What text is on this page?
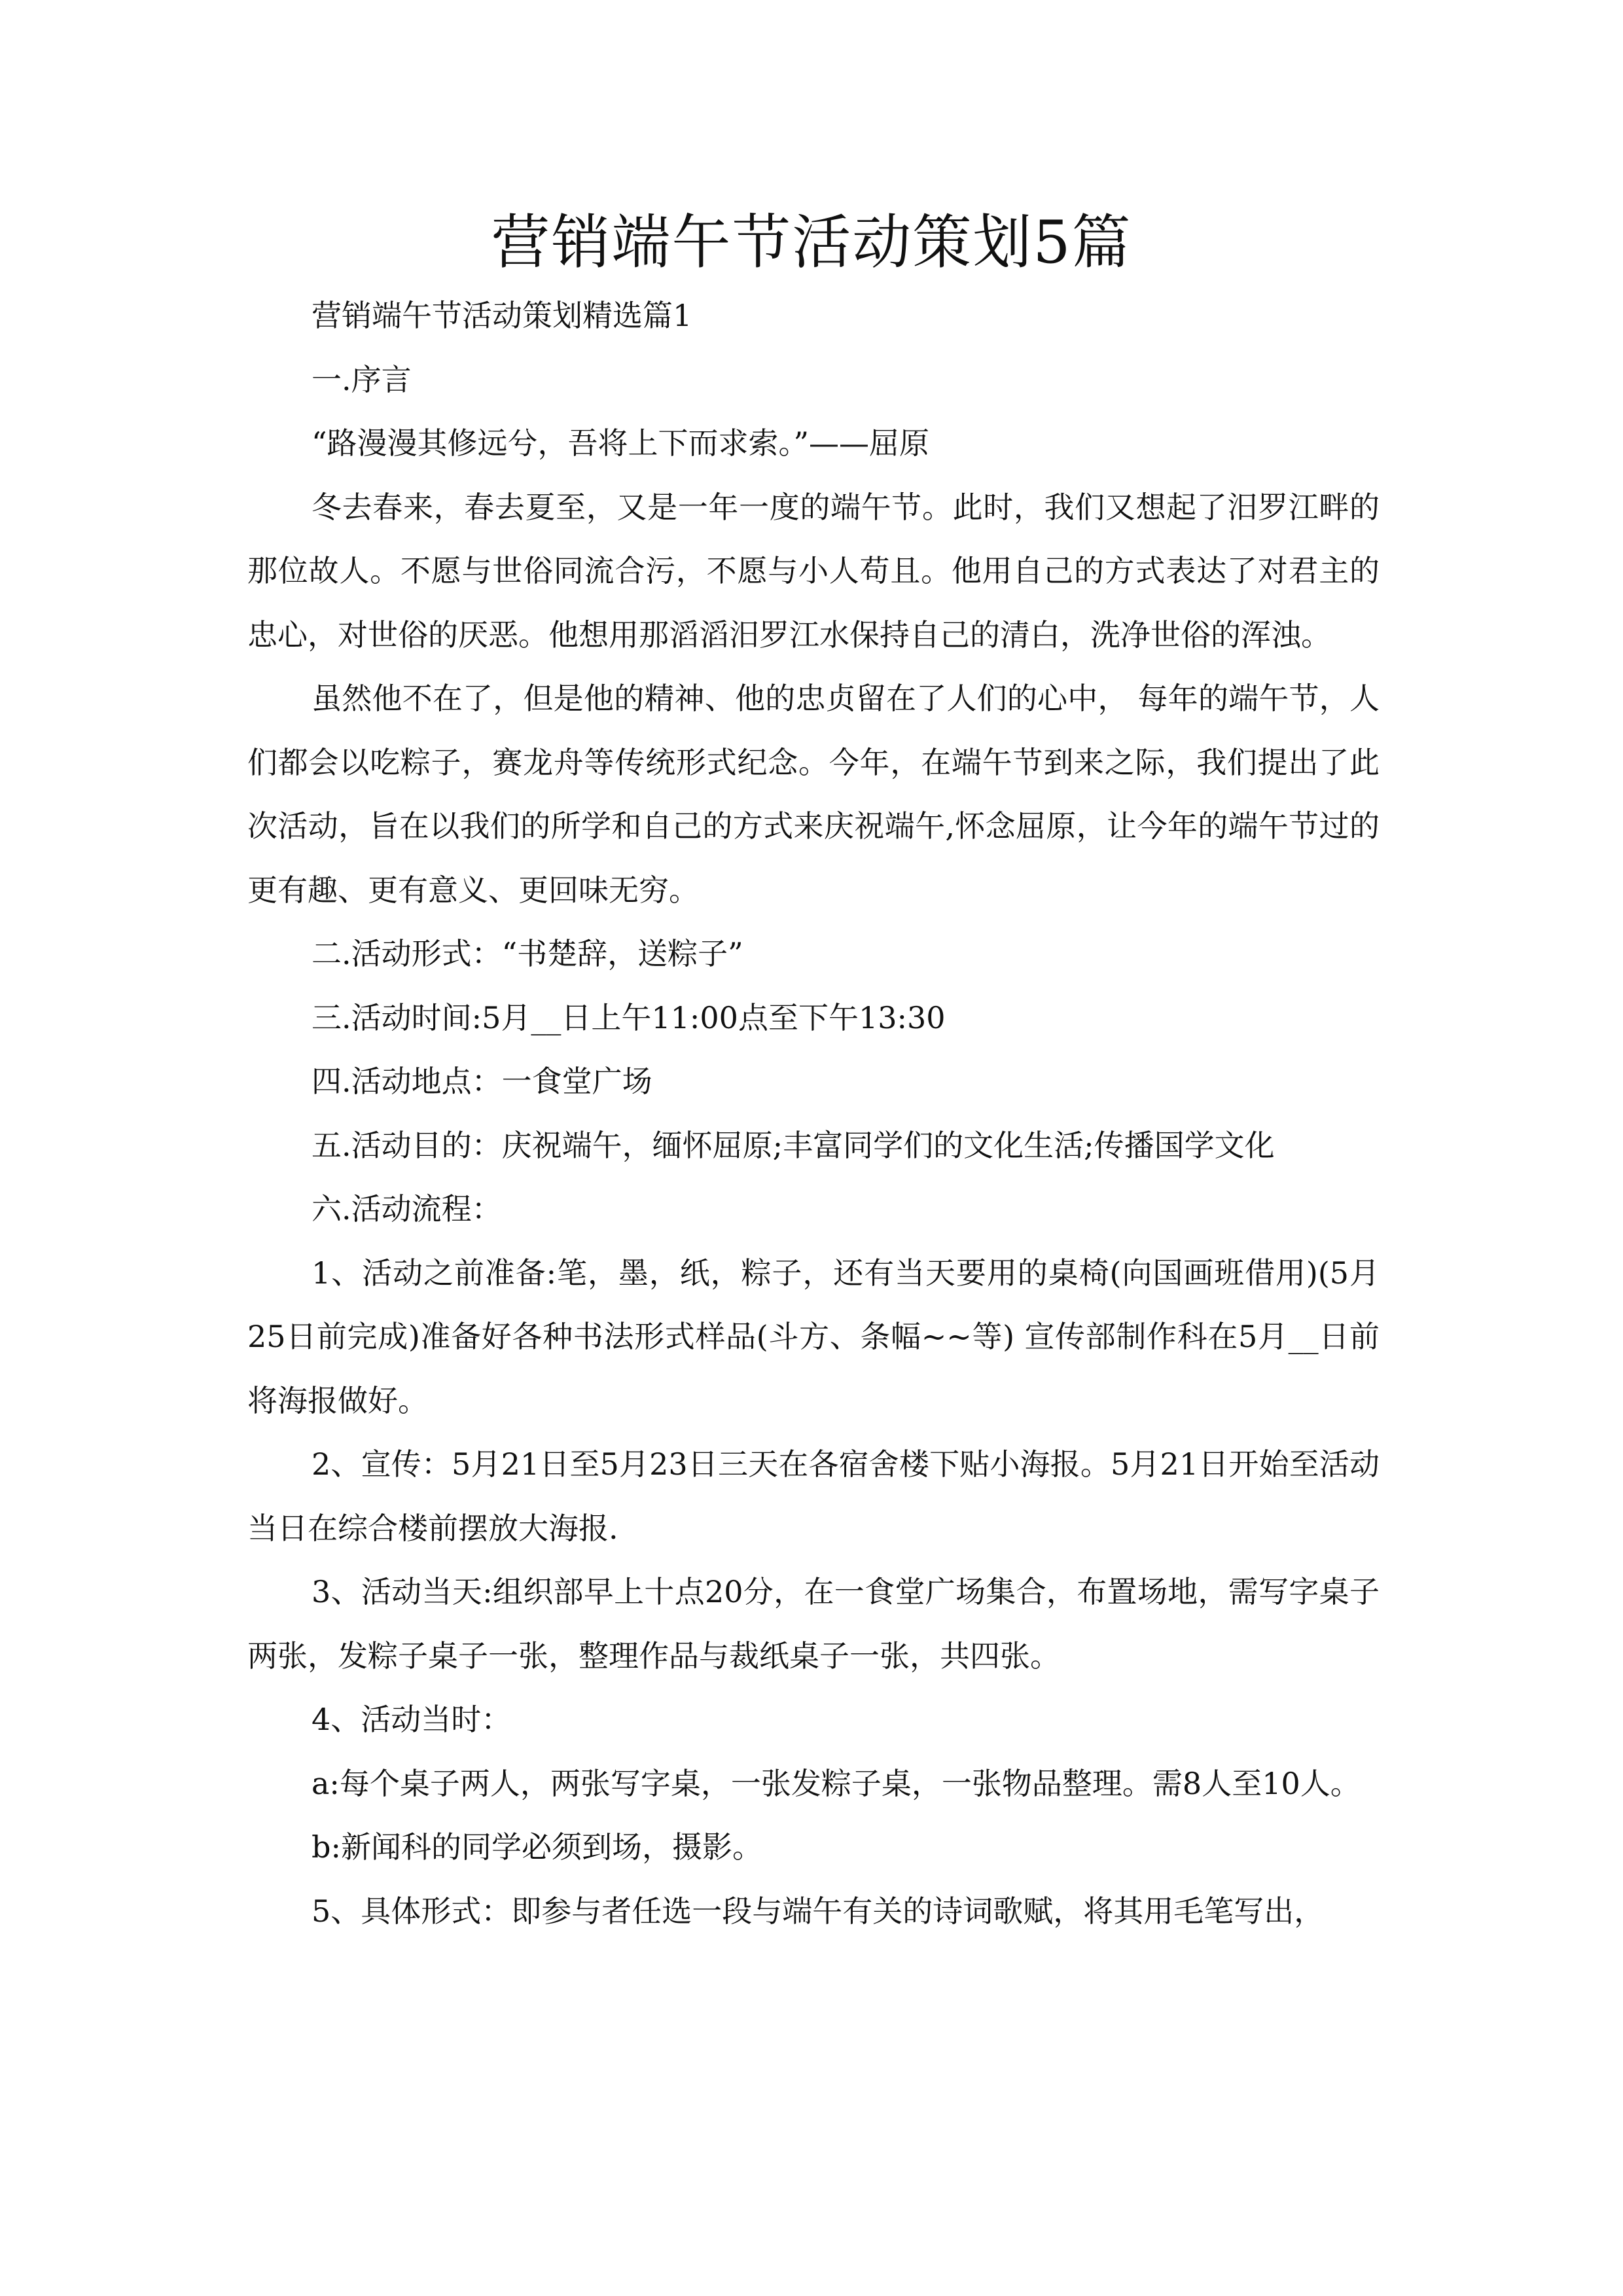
营销端午节活动策划5篇

营销端午节活动策划精选篇1

一.序言

“路漫漫其修远兮，吾将上下而求索。”——屈原

冬去春来，春去夏至，又是一年一度的端午节。此时，我们又想起了汨罗江畔的那位故人。不愿与世俗同流合污，不愿与小人苟且。他用自己的方式表达了对君主的忠心，对世俗的厌恶。他想用那滔滔汨罗江水保持自己的清白，洗净世俗的浑浊。

虽然他不在了，但是他的精神、他的忠贞留在了人们的心中， 每年的端午节，人们都会以吃粽子，赛龙舟等传统形式纪念。今年，在端午节到来之际，我们提出了此次活动，旨在以我们的所学和自己的方式来庆祝端午,怀念屈原，让今年的端午节过的更有趣、更有意义、更回味无穷。

二.活动形式：“书楚辞，送粽子”

三.活动时间:5月__日上午11:00点至下午13:30

四.活动地点：一食堂广场

五.活动目的：庆祝端午，缅怀屈原;丰富同学们的文化生活;传播国学文化

六.活动流程：

1、活动之前准备:笔，墨，纸，粽子，还有当天要用的桌椅(向国画班借用)(5月25日前完成)准备好各种书法形式样品(斗方、条幅~~等) 宣传部制作科在5月__日前将海报做好。

2、宣传：5月21日至5月23日三天在各宿舍楼下贴小海报。5月21日开始至活动当日在综合楼前摆放大海报.

3、活动当天:组织部早上十点20分，在一食堂广场集合，布置场地，需写字桌子两张，发粽子桌子一张，整理作品与裁纸桌子一张，共四张。

4、活动当时：

a:每个桌子两人，两张写字桌，一张发粽子桌，一张物品整理。需8人至10人。

b:新闻科的同学必须到场，摄影。

5、具体形式：即参与者任选一段与端午有关的诗词歌赋，将其用毛笔写出，
